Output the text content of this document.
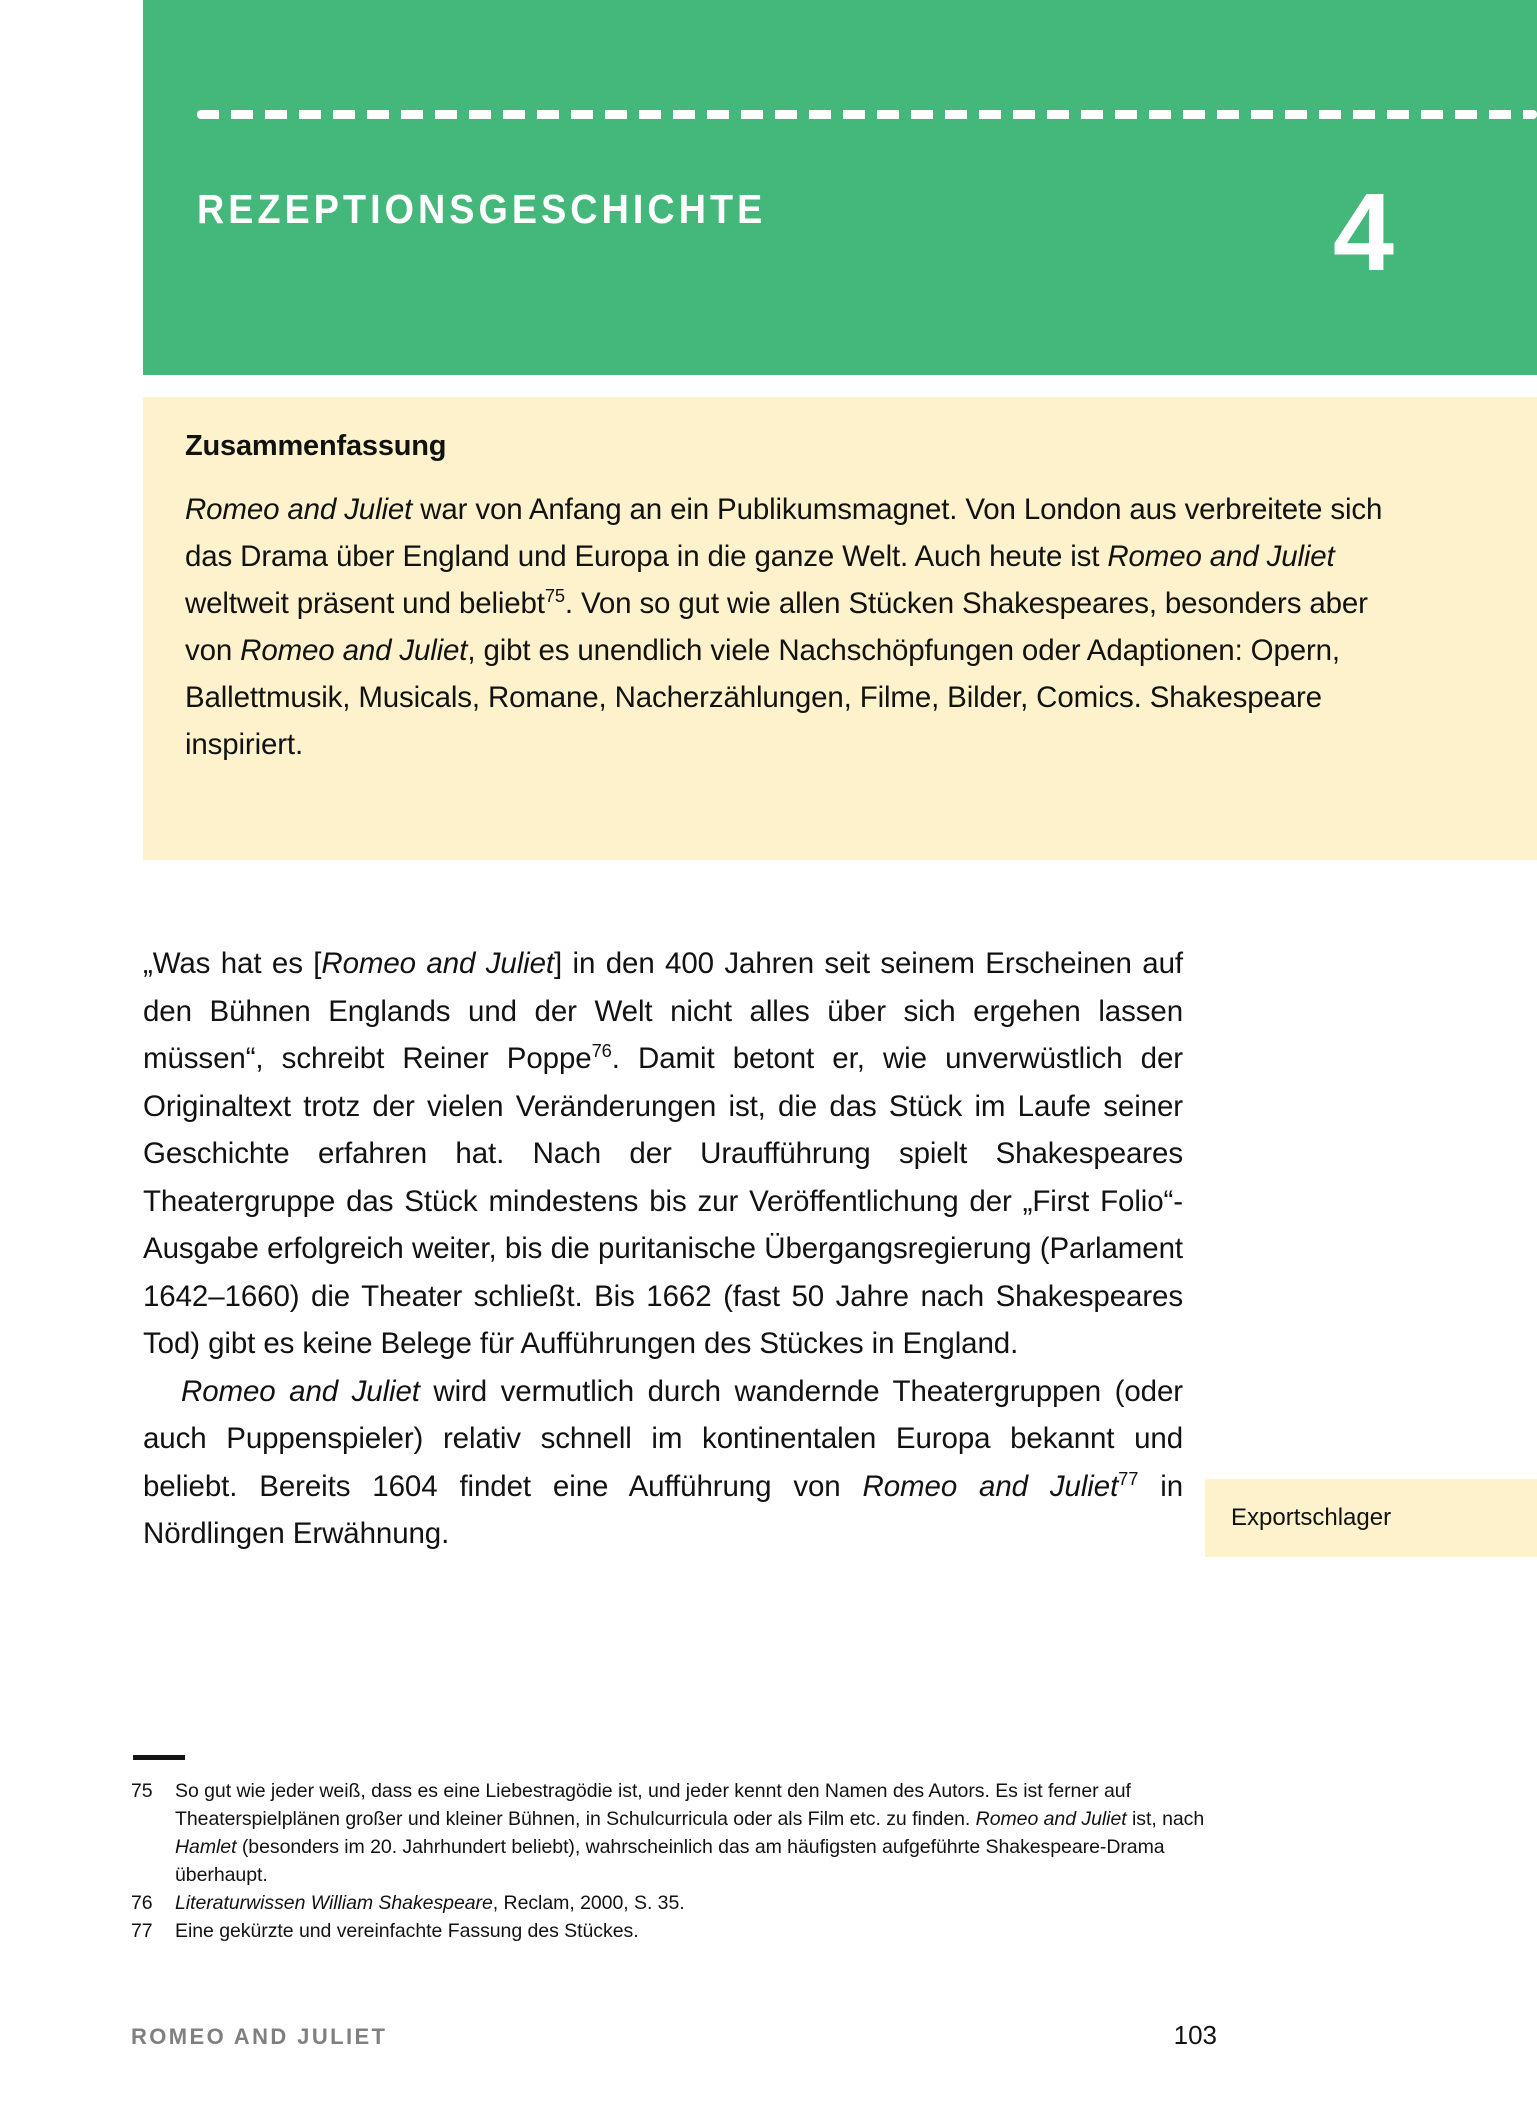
REZEPTIONSGESCHICHTE	4
Zusammenfassung

Romeo and Juliet war von Anfang an ein Publikumsmagnet. Von London aus verbreitete sich das Drama über England und Europa in die ganze Welt. Auch heute ist Romeo and Juliet weltweit präsent und beliebt$^{75}$. Von so gut wie allen Stücken Shakespeares, besonders aber von Romeo and Juliet, gibt es unendlich viele Nachschöpfungen oder Adaptionen: Opern, Ballettmusik, Musicals, Romane, Nacherzählungen, Filme, Bilder, Comics. Shakespeare inspiriert.

„Was hat es [Romeo and Juliet] in den 400 Jahren seit seinem Erscheinen auf den Bühnen Englands und der Welt nicht alles über sich ergehen lassen müssen“, schreibt Reiner Poppe$^{76}$. Damit betont er, wie unverwüstlich der Originaltext trotz der vielen Veränderungen ist, die das Stück im Laufe seiner Geschichte erfahren hat. Nach der Uraufführung spielt Shakespeares Theatergruppe das Stück mindestens bis zur Veröffentlichung der „First Folio“-Ausgabe erfolgreich weiter, bis die puritanische Übergangsregierung (Parlament 1642–1660) die Theater schließt. Bis 1662 (fast 50 Jahre nach Shakespeares Tod) gibt es keine Belege für Aufführungen des Stückes in England.

Romeo and Juliet wird vermutlich durch wandernde Theatergruppen (oder auch Puppenspieler) relativ schnell im kontinentalen Europa bekannt und beliebt. Bereits 1604 findet eine Aufführung von Romeo and Juliet$^{77}$ in Nördlingen Erwähnung.	Exportschlager
75	So gut wie jeder weiß, dass es eine Liebestragödie ist, und jeder kennt den Namen des Autors. Es ist ferner auf Theaterspielplänen großer und kleiner Bühnen, in Schulcurricula oder als Film etc. zu finden. Romeo and Juliet ist, nach Hamlet (besonders im 20. Jahrhundert beliebt), wahrscheinlich das am häufigsten aufgeführte Shakespeare-Drama überhaupt.
76	Literaturwissen William Shakespeare, Reclam, 2000, S. 35.
77	Eine gekürzte und vereinfachte Fassung des Stückes.
ROMEO AND JULIET	103
